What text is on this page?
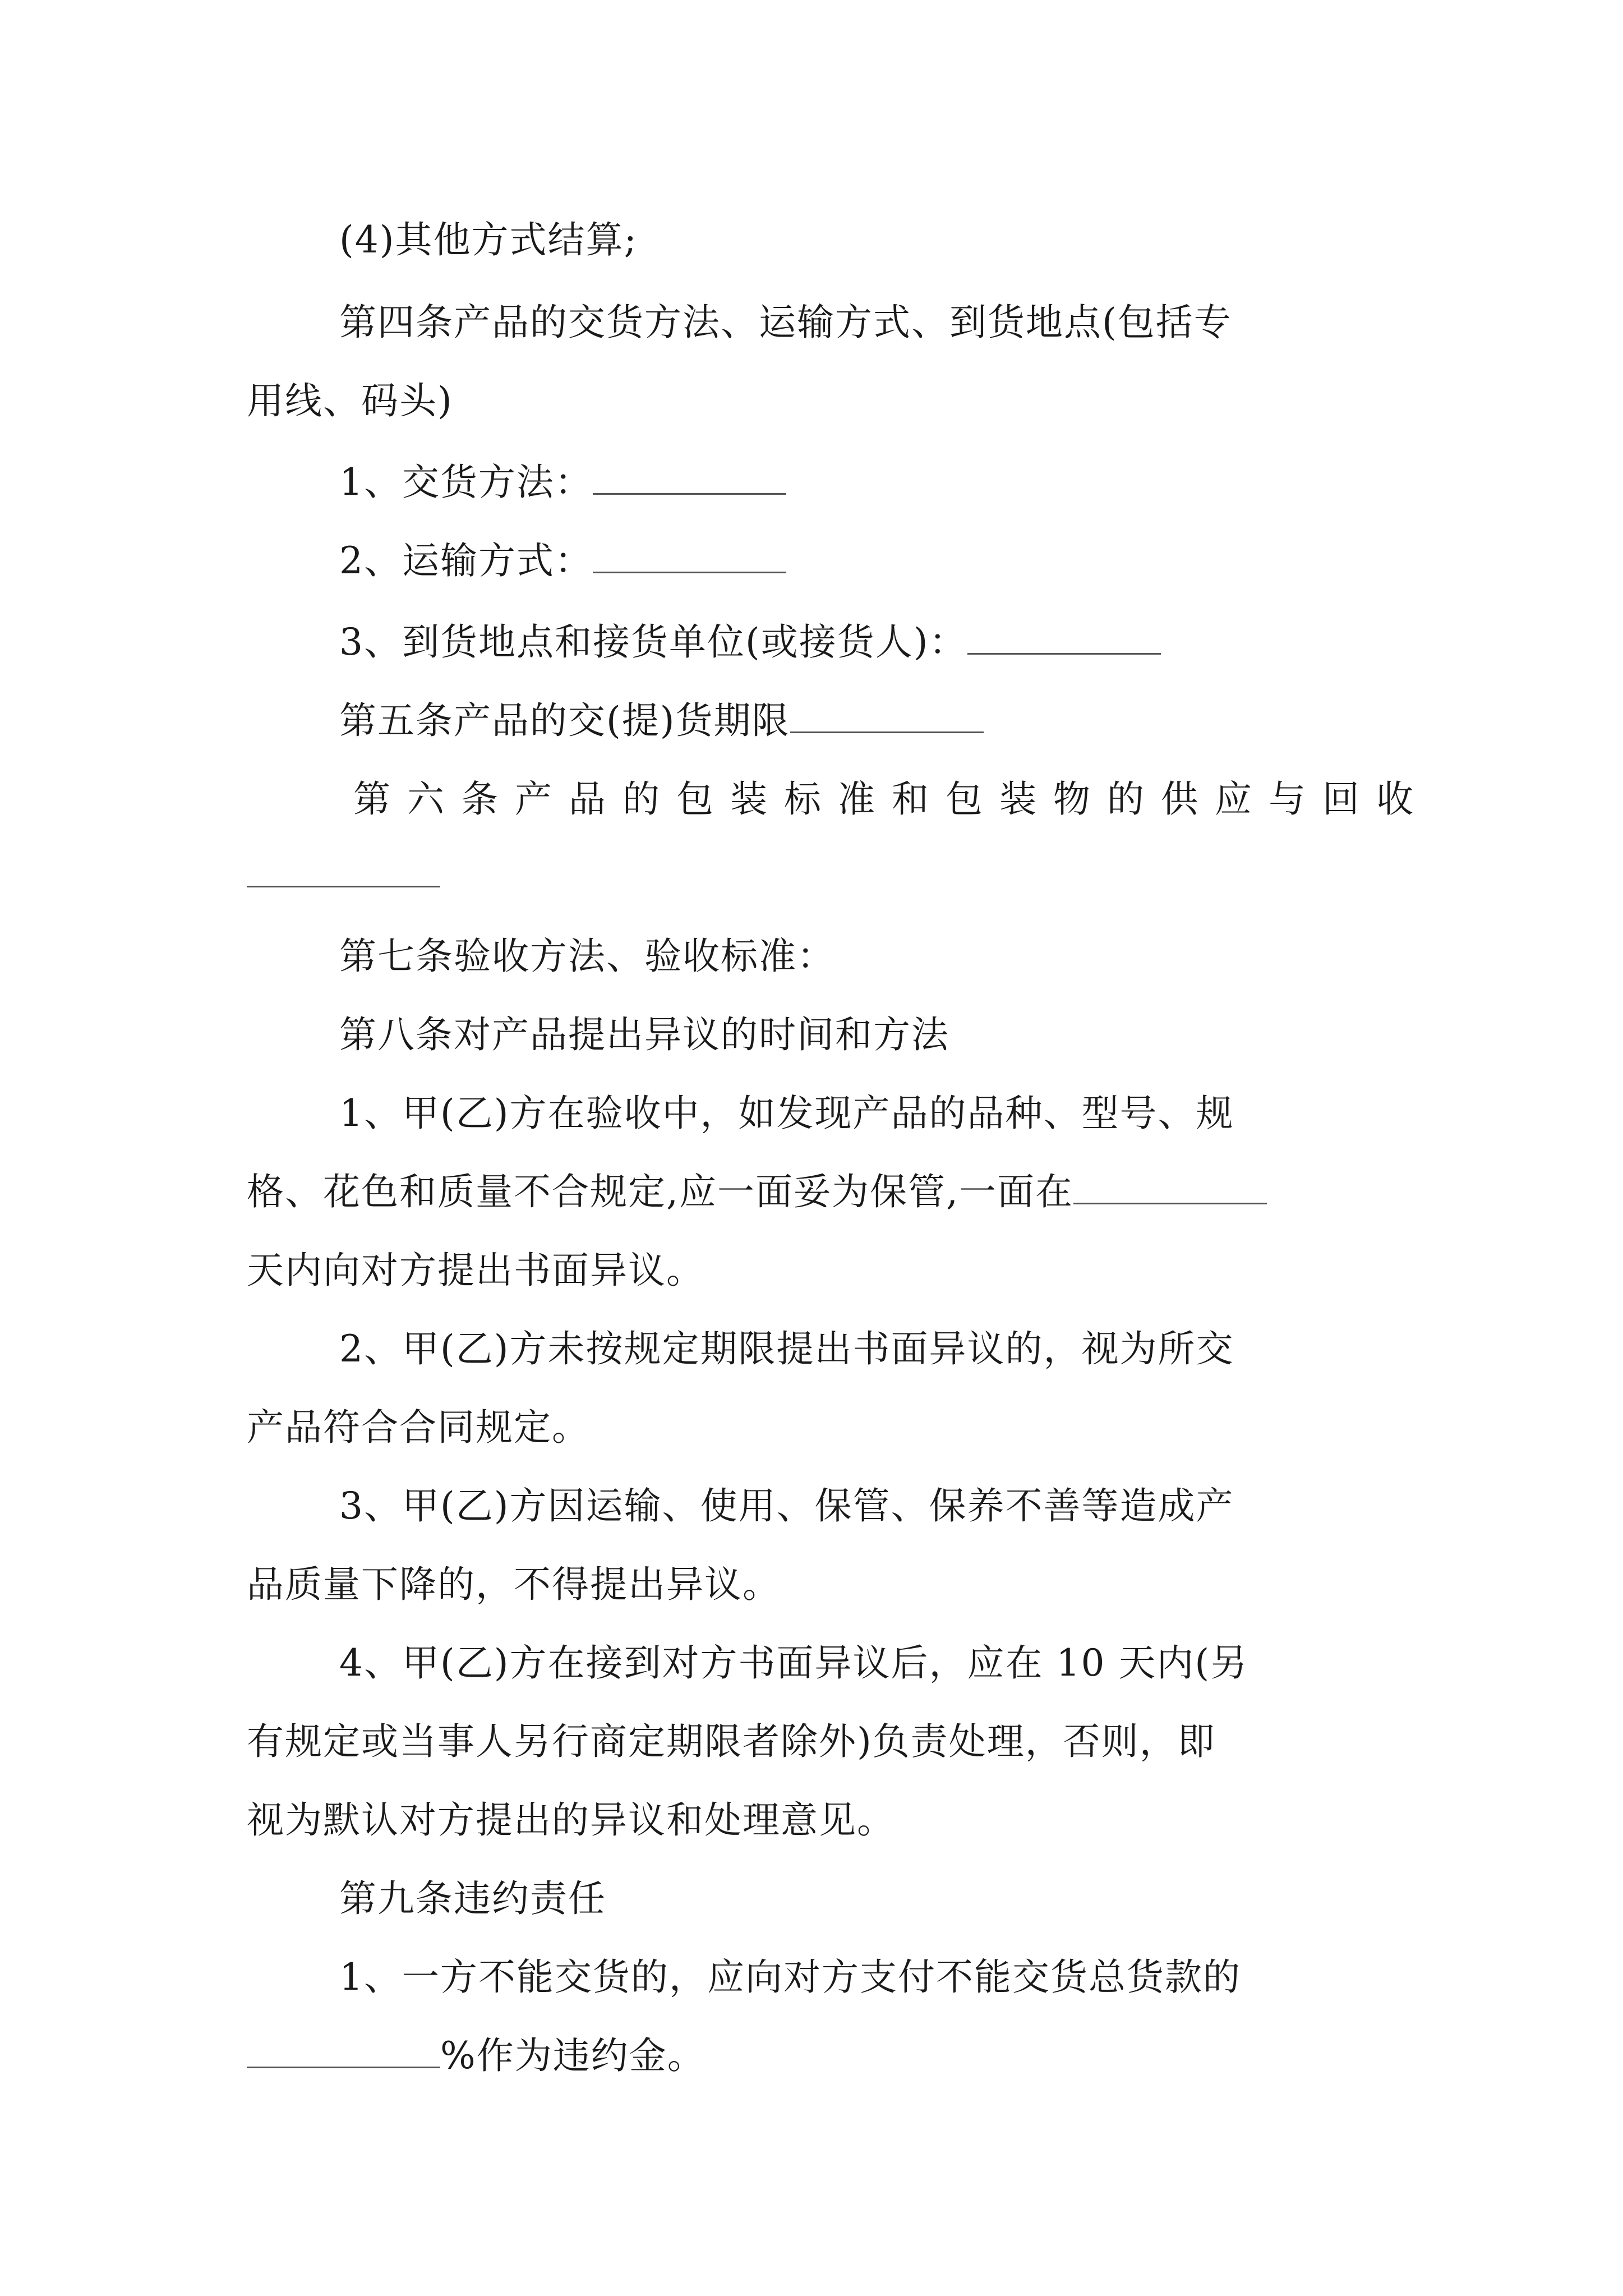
(4)其他方式结算;
第四条产品的交货方法、运输方式、到货地点(包括专
用线、码头)
1、交货方法：
2、运输方式：
3、到货地点和接货单位(或接货人)：
第五条产品的交(提)货期限
第六条产品的包装标准和包装物的供应与回收
第七条验收方法、验收标准：
第八条对产品提出异议的时间和方法
1、甲(乙)方在验收中，如发现产品的品种、型号、规
格、花色和质量不合规定,应一面妥为保管,一面在
天内向对方提出书面异议。
2、甲(乙)方未按规定期限提出书面异议的，视为所交
产品符合合同规定。
3、甲(乙)方因运输、使用、保管、保养不善等造成产
品质量下降的，不得提出异议。
4、甲(乙)方在接到对方书面异议后，应在 10 天内(另
有规定或当事人另行商定期限者除外)负责处理，否则，即
视为默认对方提出的异议和处理意见。
第九条违约责任
1、一方不能交货的，应向对方支付不能交货总货款的
%作为违约金。
